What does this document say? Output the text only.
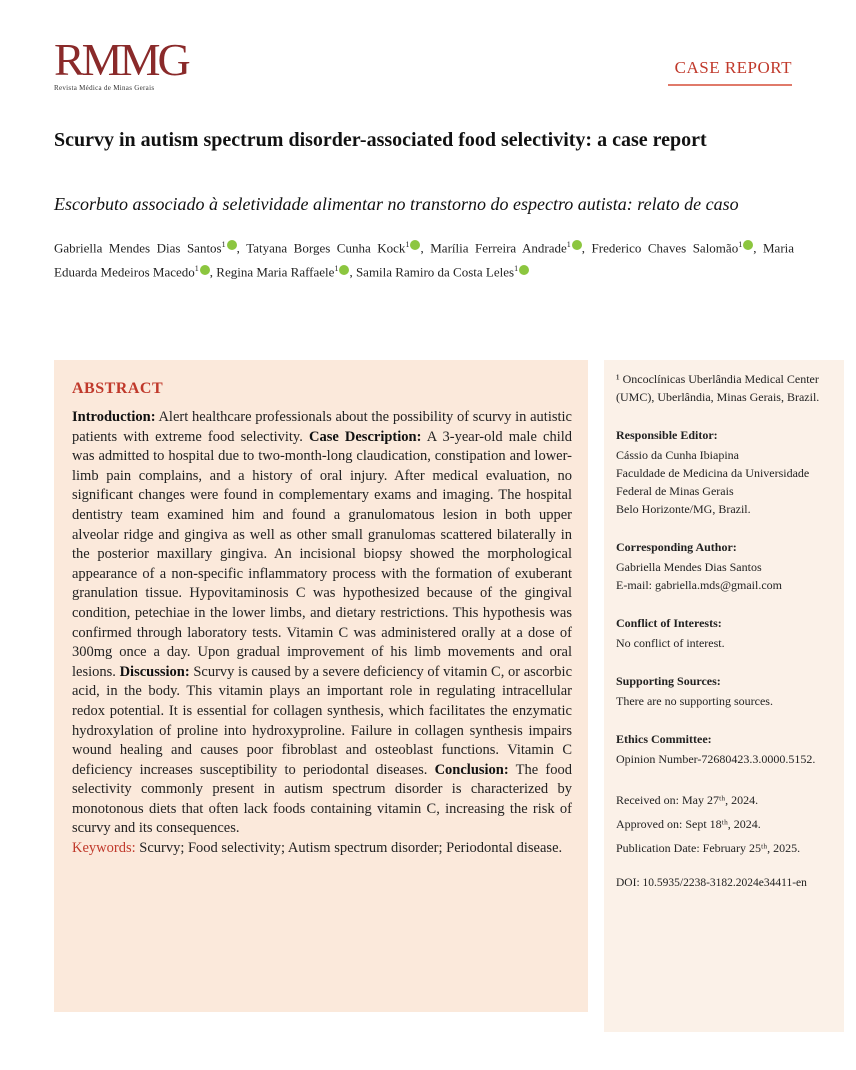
RMMG
Revista Médica de Minas Gerais
CASE REPORT
Scurvy in autism spectrum disorder-associated food selectivity: a case report
Escorbuto associado à seletividade alimentar no transtorno do espectro autista: relato de caso
Gabriella Mendes Dias Santos$^1$ , Tatyana Borges Cunha Kock$^1$ , Marília Ferreira Andrade$^1$ , Frederico Chaves Salomão$^1$ , Maria Eduarda Medeiros Macedo$^1$ , Regina Maria Raffaele$^1$ , Samila Ramiro da Costa Leles$^1$
ABSTRACT
Introduction: Alert healthcare professionals about the possibility of scurvy in autistic patients with extreme food selectivity. Case Description: A 3-year-old male child was admitted to hospital due to two-month-long claudication, constipation and lower-limb pain complains, and a history of oral injury. After medical evaluation, no significant changes were found in complementary exams and imaging. The hospital dentistry team examined him and found a granulomatous lesion in both upper alveolar ridge and gingiva as well as other small granulomas scattered bilaterally in the posterior maxillary gingiva. An incisional biopsy showed the morphological appearance of a non-specific inflammatory process with the formation of exuberant granulation tissue. Hypovitaminosis C was hypothesized because of the gingival condition, petechiae in the lower limbs, and dietary restrictions. This hypothesis was confirmed through laboratory tests. Vitamin C was administered orally at a dose of 300mg once a day. Upon gradual improvement of his limb movements and oral lesions. Discussion: Scurvy is caused by a severe deficiency of vitamin C, or ascorbic acid, in the body. This vitamin plays an important role in regulating intracellular redox potential. It is essential for collagen synthesis, which facilitates the enzymatic hydroxylation of proline into hydroxyproline. Failure in collagen synthesis impairs wound healing and causes poor fibroblast and osteoblast functions. Vitamin C deficiency increases susceptibility to periodontal diseases. Conclusion: The food selectivity commonly present in autism spectrum disorder is characterized by monotonous diets that often lack foods containing vitamin C, increasing the risk of scurvy and its consequences.
Keywords: Scurvy; Food selectivity; Autism spectrum disorder; Periodontal disease.
¹ Oncoclínicas Uberlândia Medical Center (UMC), Uberlândia, Minas Gerais, Brazil.
Responsible Editor:
Cássio da Cunha Ibiapina
Faculdade de Medicina da Universidade Federal de Minas Gerais
Belo Horizonte/MG, Brazil.
Corresponding Author:
Gabriella Mendes Dias Santos
E-mail: gabriella.mds@gmail.com
Conflict of Interests:
No conflict of interest.
Supporting Sources:
There are no supporting sources.
Ethics Committee:
Opinion Number-72680423.3.0000.5152.
Received on: May 27ᵗʰ, 2024.
Approved on: Sept 18ᵗʰ, 2024.
Publication Date: February 25ᵗʰ, 2025.
DOI: 10.5935/2238-3182.2024e34411-en
